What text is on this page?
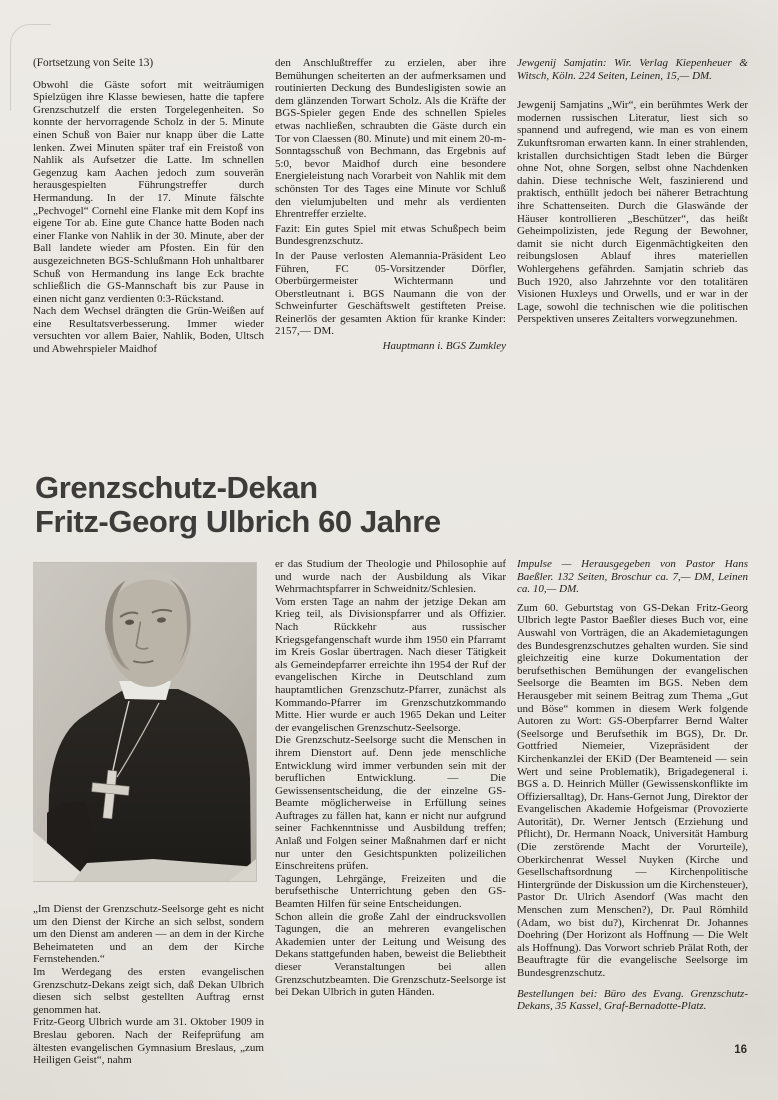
(Fortsetzung von Seite 13)

Obwohl die Gäste sofort mit weiträumigen Spielzügen ihre Klasse bewiesen, hatte die tapfere Grenzschutzelf die ersten Torgelegenheiten. So konnte der hervorragende Scholz in der 5. Minute einen Schuß von Baier nur knapp über die Latte lenken. Zwei Minuten später traf ein Freistoß von Nahlik als Aufsetzer die Latte. Im schnellen Gegenzug kam Aachen jedoch zum souverän herausgespielten Führungstreffer durch Hermandung. In der 17. Minute fälschte „Pechvogel“ Cornehl eine Flanke mit dem Kopf ins eigene Tor ab. Eine gute Chance hatte Boden nach einer Flanke von Nahlik in der 30. Minute, aber der Ball landete wieder am Pfosten. Ein für den ausgezeichneten BGS-Schlußmann Hoh unhaltbarer Schuß von Hermandung ins lange Eck brachte schließlich die GS-Mannschaft bis zur Pause in einen nicht ganz verdienten 0:3-Rückstand.

Nach dem Wechsel drängten die Grün-Weißen auf eine Resultatsverbesserung. Immer wieder versuchten vor allem Baier, Nahlik, Boden, Ultsch und Abwehrspieler Maidhof

den Anschlußtreffer zu erzielen, aber ihre Bemühungen scheiterten an der aufmerksamen und routinierten Deckung des Bundesligisten sowie an dem glänzenden Torwart Scholz. Als die Kräfte der BGS-Spieler gegen Ende des schnellen Spieles etwas nachließen, schraubten die Gäste durch ein Tor von Claessen (80. Minute) und mit einem 20-m-Sonntagsschuß von Bechmann, das Ergebnis auf 5:0, bevor Maidhof durch eine besondere Energieleistung nach Vorarbeit von Nahlik mit dem schönsten Tor des Tages eine Minute vor Schluß den vielumjubelten und mehr als verdienten Ehrentreffer erzielte.

Fazit: Ein gutes Spiel mit etwas Schußpech beim Bundesgrenzschutz.

In der Pause verlosten Alemannia-Präsident Leo Führen, FC 05-Vorsitzender Dörfler, Oberbürgermeister Wichtermann und Oberstleutnant i. BGS Naumann die von der Schweinfurter Geschäftswelt gestifteten Preise. Reinerlös der gesamten Aktion für kranke Kinder: 2157,— DM.

Hauptmann i. BGS Zumkley

Jewgenij Samjatin: Wir. Verlag Kiepenheuer & Witsch, Köln. 224 Seiten, Leinen, 15,— DM.

Jewgenij Samjatins „Wir“, ein berühmtes Werk der modernen russischen Literatur, liest sich so spannend und aufregend, wie man es von einem Zukunftsroman erwarten kann. In einer strahlenden, kristallen durchsichtigen Stadt leben die Bürger ohne Not, ohne Sorgen, selbst ohne Nachdenken dahin. Diese technische Welt, faszinierend und praktisch, enthüllt jedoch bei näherer Betrachtung ihre Schattenseiten. Durch die Glaswände der Häuser kontrollieren „Beschützer“, das heißt Geheimpolizisten, jede Regung der Bewohner, damit sie nicht durch Eigenmächtigkeiten den reibungslosen Ablauf ihres materiellen Wohlergehens gefährden. Samjatin schrieb das Buch 1920, also Jahrzehnte vor den totalitären Visionen Huxleys und Orwells, und er war in der Lage, sowohl die technischen wie die politischen Perspektiven unseres Zeitalters vorwegzunehmen.

Grenzschutz-Dekan
Fritz-Georg Ulbrich 60 Jahre

„Im Dienst der Grenzschutz-Seelsorge geht es nicht um den Dienst der Kirche an sich selbst, sondern um den Dienst am anderen — an dem in der Kirche Beheimateten und an dem der Kirche Fernstehenden.“

Im Werdegang des ersten evangelischen Grenzschutz-Dekans zeigt sich, daß Dekan Ulbrich diesen sich selbst gestellten Auftrag ernst genommen hat.

Fritz-Georg Ulbrich wurde am 31. Oktober 1909 in Breslau geboren. Nach der Reifeprüfung am ältesten evangelischen Gymnasium Breslaus, „zum Heiligen Geist“, nahm

er das Studium der Theologie und Philosophie auf und wurde nach der Ausbildung als Vikar Wehrmachtspfarrer in Schweidnitz/Schlesien.

Vom ersten Tage an nahm der jetzige Dekan am Krieg teil, als Divisionspfarrer und als Offizier. Nach Rückkehr aus russischer Kriegsgefangenschaft wurde ihm 1950 ein Pfarramt im Kreis Goslar übertragen. Nach dieser Tätigkeit als Gemeindepfarrer erreichte ihn 1954 der Ruf der evangelischen Kirche in Deutschland zum hauptamtlichen Grenzschutz-Pfarrer, zunächst als Kommando-Pfarrer im Grenzschutzkommando Mitte. Hier wurde er auch 1965 Dekan und Leiter der evangelischen Grenzschutz-Seelsorge.

Die Grenzschutz-Seelsorge sucht die Menschen in ihrem Dienstort auf. Denn jede menschliche Entwicklung wird immer verbunden sein mit der beruflichen Entwicklung. — Die Gewissensentscheidung, die der einzelne GS-Beamte möglicherweise in Erfüllung seines Auftrages zu fällen hat, kann er nicht nur aufgrund seiner Fachkenntnisse und Ausbildung treffen; Anlaß und Folgen seiner Maßnahmen darf er nicht nur unter den Gesichtspunkten polizeilichen Einschreitens prüfen.

Tagungen, Lehrgänge, Freizeiten und die berufsethische Unterrichtung geben den GS-Beamten Hilfen für seine Entscheidungen.

Schon allein die große Zahl der eindrucksvollen Tagungen, die an mehreren evangelischen Akademien unter der Leitung und Weisung des Dekans stattgefunden haben, beweist die Beliebtheit dieser Veranstaltungen bei allen Grenzschutzbeamten. Die Grenzschutz-Seelsorge ist bei Dekan Ulbrich in guten Händen.

Impulse — Herausgegeben von Pastor Hans Baeßler. 132 Seiten, Broschur ca. 7,— DM, Leinen ca. 10,— DM.

Zum 60. Geburtstag von GS-Dekan Fritz-Georg Ulbrich legte Pastor Baeßler dieses Buch vor, eine Auswahl von Vorträgen, die an Akademietagungen des Bundesgrenzschutzes gehalten wurden. Sie sind gleichzeitig eine kurze Dokumentation der berufsethischen Bemühungen der evangelischen Seelsorge die Beamten im BGS. Neben dem Herausgeber mit seinem Beitrag zum Thema „Gut und Böse“ kommen in diesem Werk folgende Autoren zu Wort: GS-Oberpfarrer Bernd Walter (Seelsorge und Berufsethik im BGS), Dr. Dr. Gottfried Niemeier, Vizepräsident der Kirchenkanzlei der EKiD (Der Beamteneid — sein Wert und seine Problematik), Brigadegeneral i. BGS a. D. Heinrich Müller (Gewissenskonflikte im Offiziersalltag), Dr. Hans-Gernot Jung, Direktor der Evangelischen Akademie Hofgeismar (Provozierte Autorität), Dr. Werner Jentsch (Erziehung und Pflicht), Dr. Hermann Noack, Universität Hamburg (Die zerstörende Macht der Vorurteile), Oberkirchenrat Wessel Nuyken (Kirche und Gesellschaftsordnung — Kirchenpolitische Hintergründe der Diskussion um die Kirchensteuer), Pastor Dr. Ulrich Asendorf (Was macht den Menschen zum Menschen?), Dr. Paul Römhild (Adam, wo bist du?), Kirchenrat Dr. Johannes Doehring (Der Horizont als Hoffnung — Die Welt als Hoffnung). Das Vorwort schrieb Prälat Roth, der Beauftragte für die evangelische Seelsorge im Bundesgrenzschutz.

Bestellungen bei: Büro des Evang. Grenzschutz-Dekans, 35 Kassel, Graf-Bernadotte-Platz.

16
